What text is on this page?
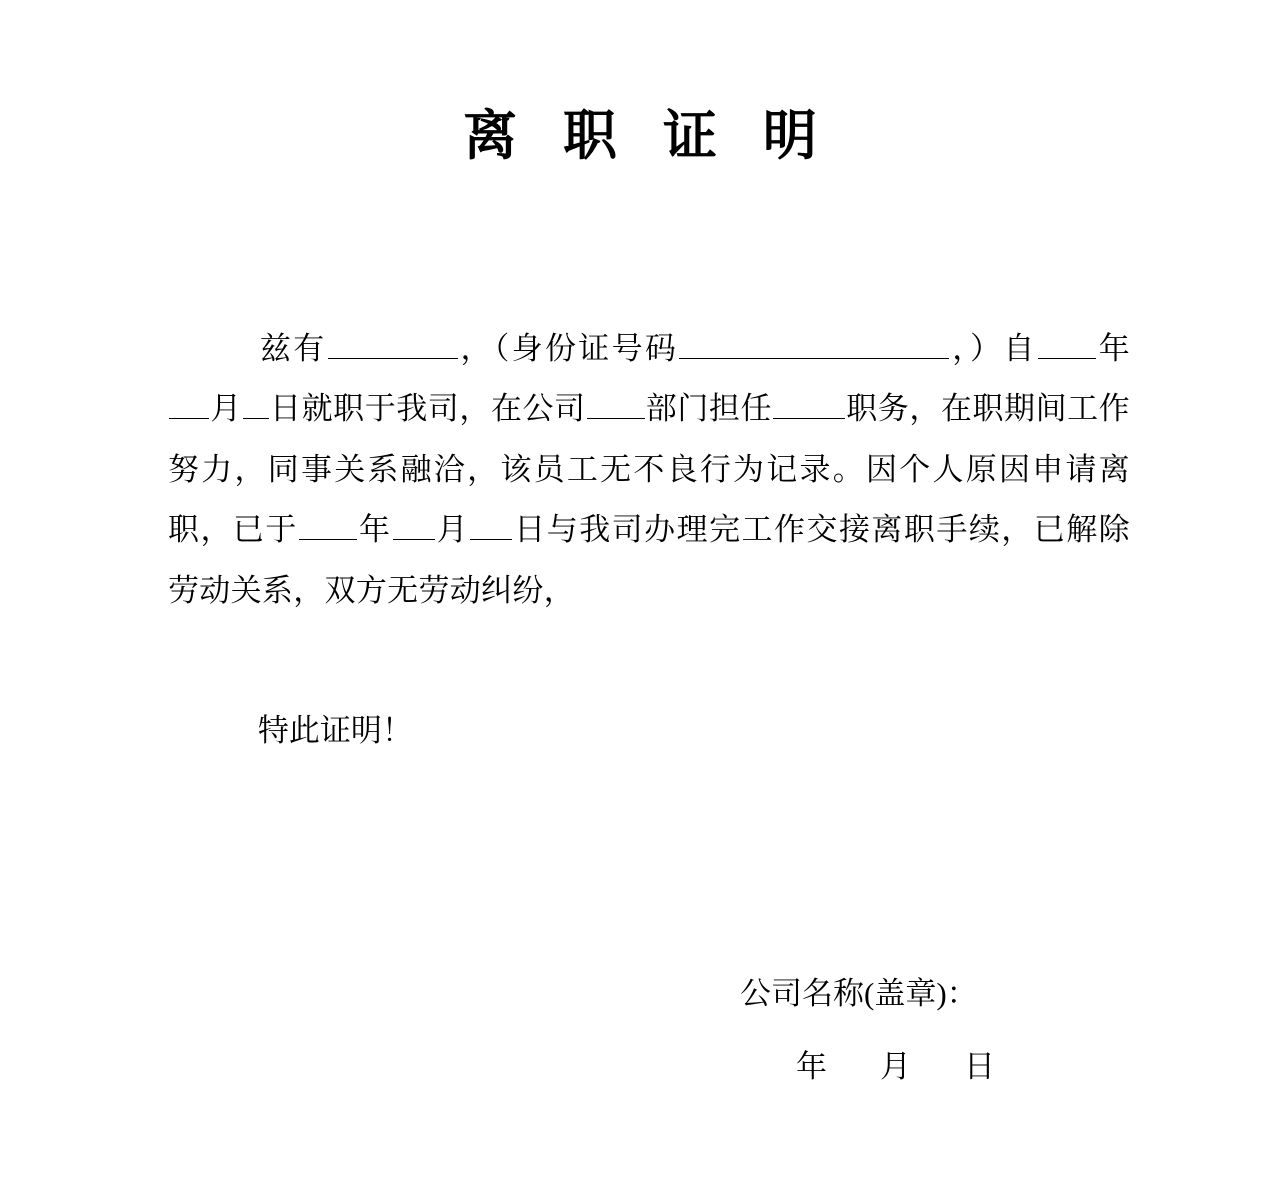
离 职 证 明

兹有	，（身份证号码	，）自 年月 日就职于我司，在公司 部门担任 职务，在职期间工作努力，同事关系融洽，该员工无不良行为记录。因个人原因申请离职，已于 年 月 日与我司办理完工作交接离职手续，已解除劳动关系，双方无劳动纠纷，

特此证明！

公司名称(盖章)：
年 月 日
